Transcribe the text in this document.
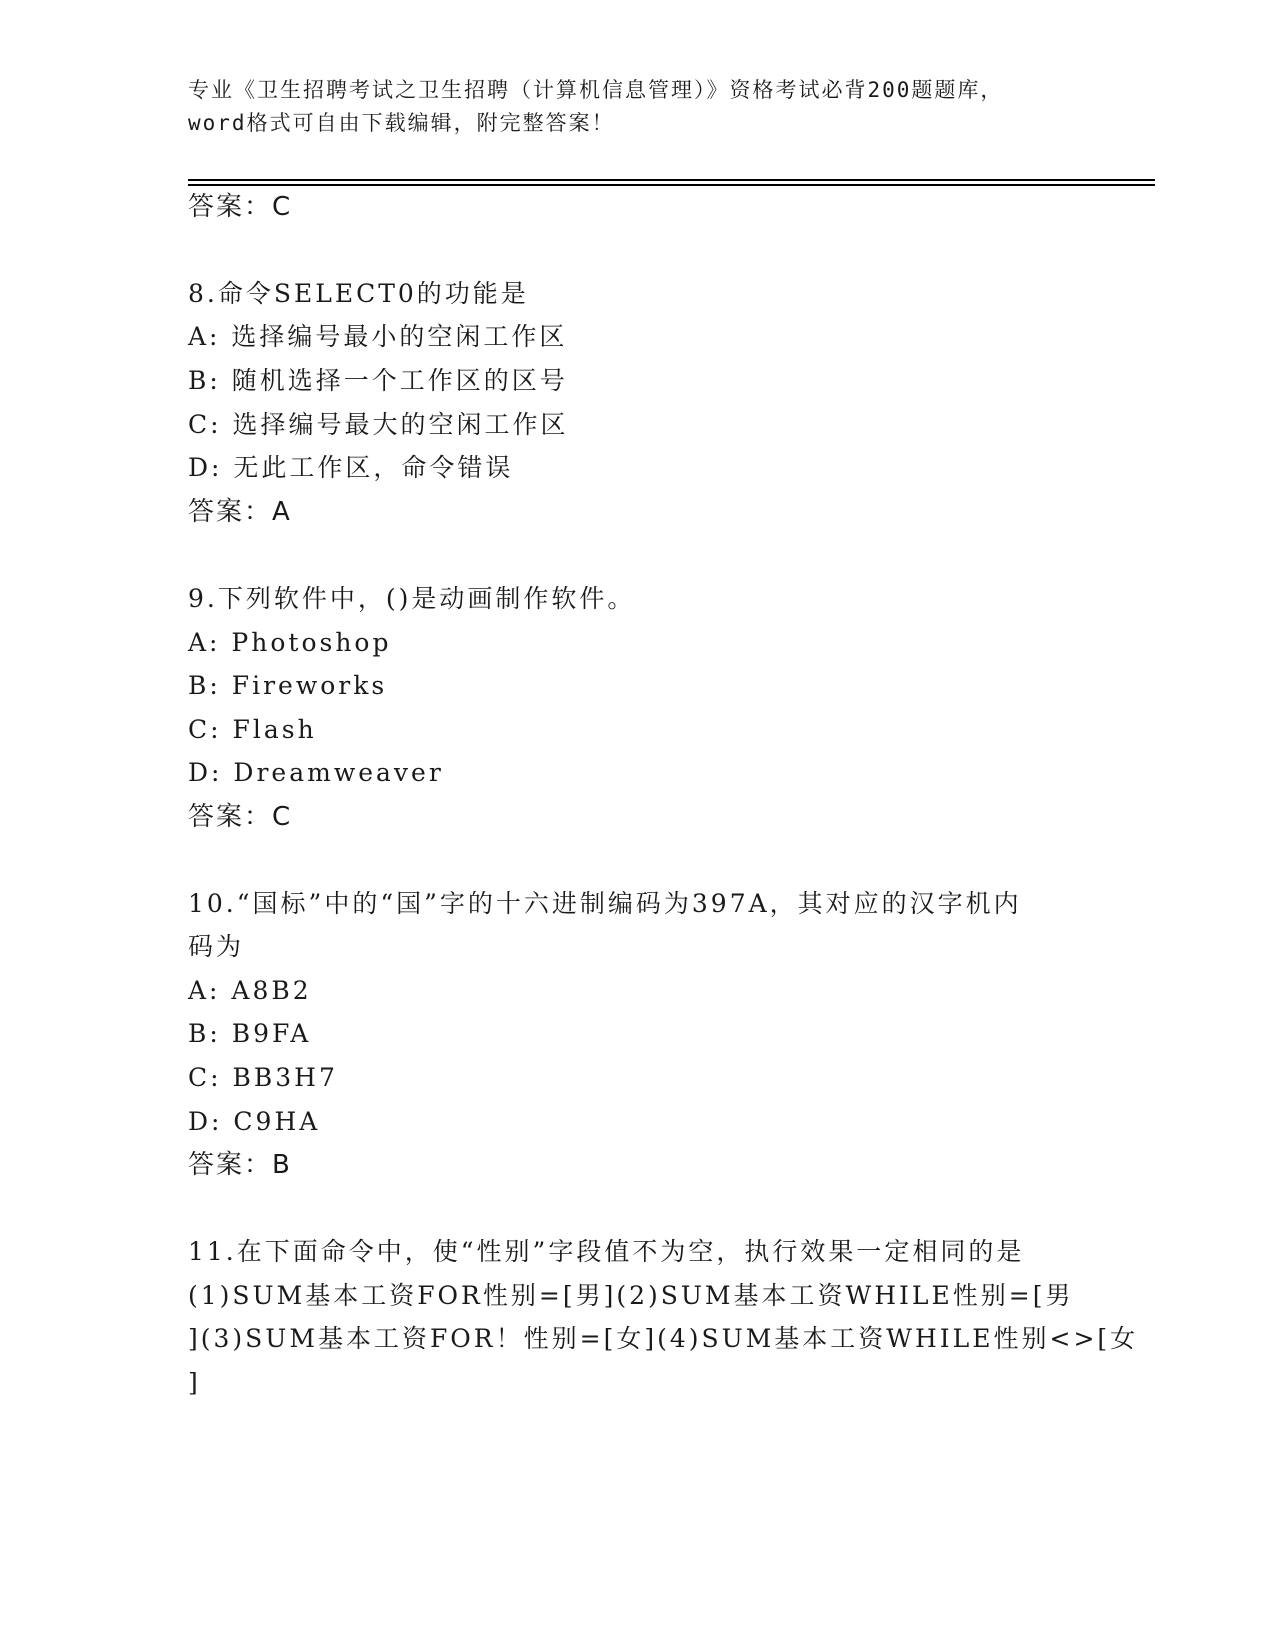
专业《卫生招聘考试之卫生招聘（计算机信息管理）》资格考试必背200题题库，
word格式可自由下载编辑，附完整答案！
答案：C
8.命令SELECT0的功能是
A: 选择编号最小的空闲工作区
B: 随机选择一个工作区的区号
C: 选择编号最大的空闲工作区
D: 无此工作区，命令错误
答案：A
9.下列软件中，()是动画制作软件。
A: Photoshop
B: Fireworks
C: Flash
D: Dreamweaver
答案：C
10.“国标”中的“国”字的十六进制编码为397A，其对应的汉字机内
码为
A: A8B2
B: B9FA
C: BB3H7
D: C9HA
答案：B
11.在下面命令中，使“性别”字段值不为空，执行效果一定相同的是
(1)SUM基本工资FOR性别=[男](2)SUM基本工资WHILE性别=[男
](3)SUM基本工资FOR！性别=[女](4)SUM基本工资WHILE性别<>[女
]
